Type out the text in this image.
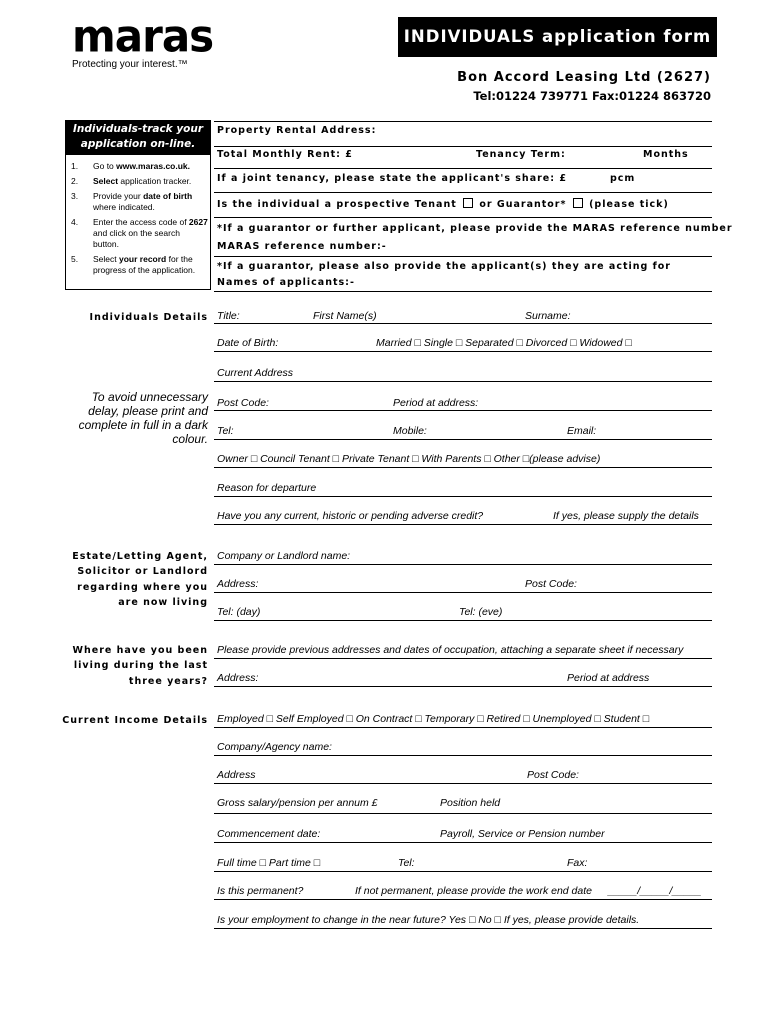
maras
Protecting your interest.™
INDIVIDUALS application form
Bon Accord Leasing Ltd (2627)
Tel:01224 739771 Fax:01224 863720
Individuals-track your application on-line.
1. Go to www.maras.co.uk.
2. Select application tracker.
3. Provide your date of birth where indicated.
4. Enter the access code of 2627 and click on the search button.
5. Select your record for the progress of the application.
Property Rental Address:
Total Monthly Rent: £	Tenancy Term:	Months
If a joint tenancy, please state the applicant's share: £	pcm
Is the individual a prospective Tenant or Guarantor* (please tick)
*If a guarantor or further applicant, please provide the MARAS reference number
MARAS reference number:-
*If a guarantor, please also provide the applicant(s) they are acting for
Names of applicants:-
Individuals Details
To avoid unnecessary delay, please print and complete in full in a dark colour.
Title:	First Name(s)	Surname:
Date of Birth:	Married □ Single □ Separated □ Divorced □ Widowed □
Current Address
Post Code:	Period at address:
Tel:	Mobile:	Email:
Owner □ Council Tenant □ Private Tenant □ With Parents □ Other □(please advise)
Reason for departure
Have you any current, historic or pending adverse credit?	If yes, please supply the details
Estate/Letting Agent, Solicitor or Landlord regarding where you are now living
Company or Landlord name:
Address:	Post Code:
Tel: (day)	Tel: (eve)
Where have you been living during the last three years?
Please provide previous addresses and dates of occupation, attaching a separate sheet if necessary
Address:	Period at address
Current Income Details Employed □ Self Employed □ On Contract □ Temporary □ Retired □ Unemployed □ Student □
Company/Agency name:
Address	Post Code:
Gross salary/pension per annum £	Position held
Commencement date:	Payroll, Service or Pension number
Full time □ Part time □	Tel:	Fax:
Is this permanent?	If not permanent, please provide the work end date _____/_____/_____
Is your employment to change in the near future? Yes □ No □ If yes, please provide details.
